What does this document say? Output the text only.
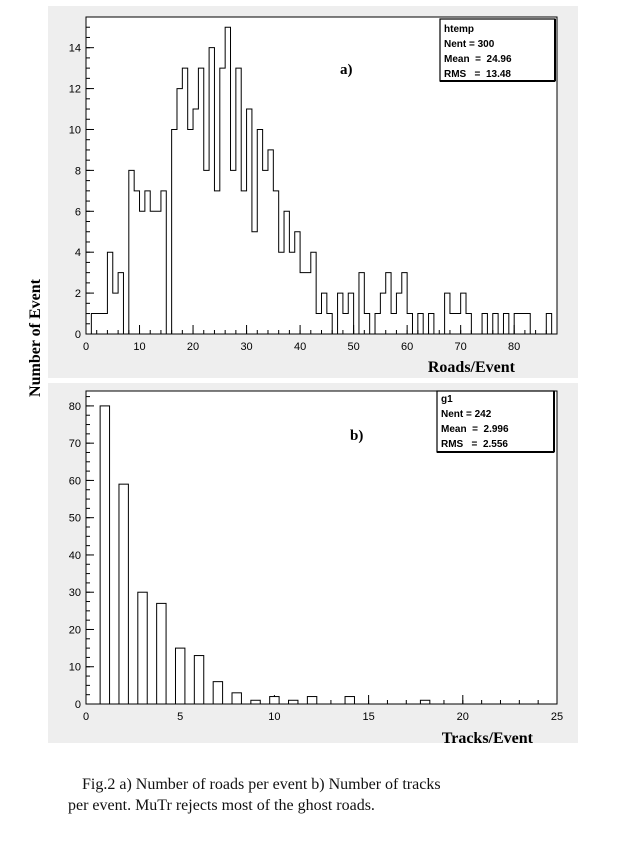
0
2
4
6
8
10
12
14
0	10	20	30	40	50	60	70	80
a)
Roads/Event
htemp
Nent = 300
Mean  =  24.96
RMS   =  13.48
Number of Event
0
10
20
30
40
50
60
70
80
0	5	10	15	20	25
b)
Tracks/Event
g1
Nent = 242
Mean  =  2.996
RMS   =  2.556
Fig.2 a) Number of roads per event b) Number of tracks
per event. MuTr rejects most of the ghost roads.
